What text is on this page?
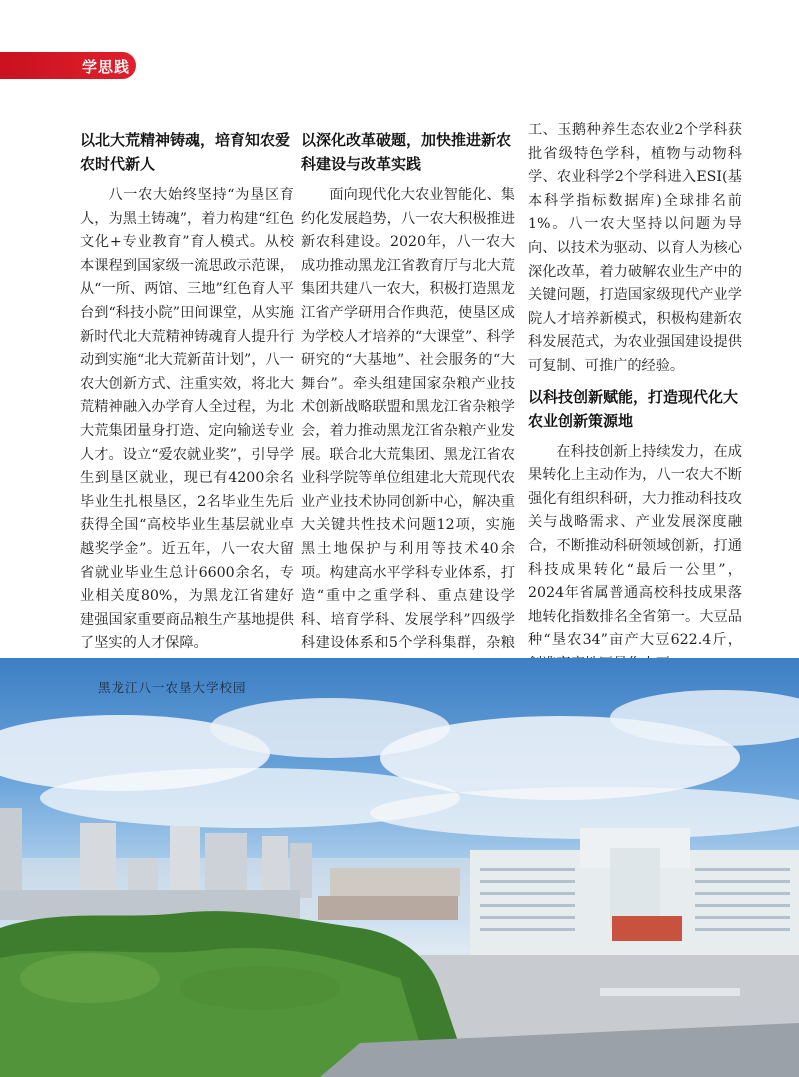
学思践悟
以北大荒精神铸魂，培育知农爱农时代新人

八一农大始终坚持“为垦区育人，为黑土铸魂”，着力构建“红色文化+专业教育”育人模式。从校本课程到国家级一流思政示范课，从“一所、两馆、三地”红色育人平台到“科技小院”田间课堂，从实施新时代北大荒精神铸魂育人提升行动到实施“北大荒新苗计划”，八一农大创新方式、注重实效，将北大荒精神融入办学育人全过程，为北大荒集团量身打造、定向输送专业人才。设立“爱农就业奖”，引导学生到垦区就业，现已有4200余名毕业生扎根垦区，2名毕业生先后获得全国“高校毕业生基层就业卓越奖学金”。近五年，八一农大留省就业毕业生总计6600余名，专业相关度80%，为黑龙江省建好建强国家重要商品粮生产基地提供了坚实的人才保障。

以深化改革破题，加快推进新农科建设与改革实践

面向现代化大农业智能化、集约化发展趋势，八一农大积极推进新农科建设。2020年，八一农大成功推动黑龙江省教育厅与北大荒集团共建八一农大，积极打造黑龙江省产学研用合作典范，使垦区成为学校人才培养的“大课堂”、科学研究的“大基地”、社会服务的“大舞台”。牵头组建国家杂粮产业技术创新战略联盟和黑龙江省杂粮学会，着力推动黑龙江省杂粮产业发展。联合北大荒集团、黑龙江省农业科学院等单位组建北大荒现代农业产业技术协同创新中心，解决重大关键共性技术问题12项，实施黑土地保护与利用等技术40余项。构建高水平学科专业体系，打造“重中之重学科、重点建设学科、培育学科、发展学科”四级学科建设体系和5个学科集群，杂粮

工、玉鹅种养生态农业2个学科获批省级特色学科，植物与动物科学、农业科学2个学科进入ESI(基本科学指标数据库)全球排名前1%。八一农大坚持以问题为导向、以技术为驱动、以育人为核心深化改革，着力破解农业生产中的关键问题，打造国家级现代产业学院人才培养新模式，积极构建新农科发展范式，为农业强国建设提供可复制、可推广的经验。

以科技创新赋能，打造现代化大农业创新策源地

在科技创新上持续发力，在成果转化上主动作为，八一农大不断强化有组织科研，大力推动科技攻关与战略需求、产业发展深度融合，不断推动科研领域创新，打通科技成果转化“最后一公里”，2024年省属普通高校科技成果落地转化指数排名全省第一。大豆品种“垦农34”亩产大豆622.4斤，

黑龙江八一农垦大学校园
